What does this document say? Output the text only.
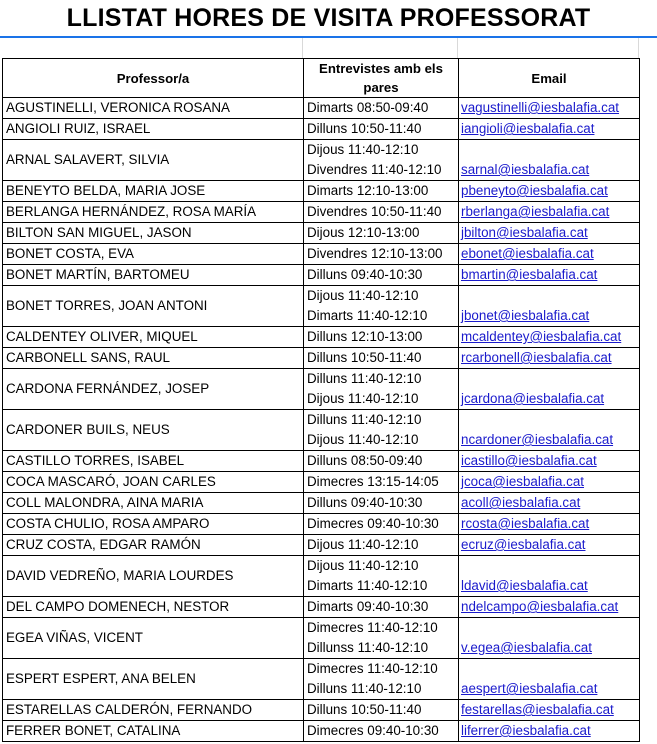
LLISTAT HORES DE VISITA PROFESSORAT
Professor/a	Entrevistes amb els pares	Email
AGUSTINELLI, VERONICA ROSANA	Dimarts 08:50-09:40	vagustinelli@iesbalafia.cat
ANGIOLI RUIZ, ISRAEL	Dilluns 10:50-11:40	iangioli@iesbalafia.cat
ARNAL SALAVERT, SILVIA	Dijous 11:40-12:10
Divendres 11:40-12:10	sarnal@iesbalafia.cat
BENEYTO BELDA, MARIA JOSE	Dimarts 12:10-13:00	pbeneyto@iesbalafia.cat
BERLANGA HERNÁNDEZ, ROSA MARÍA	Divendres 10:50-11:40	rberlanga@iesbalafia.cat
BILTON SAN MIGUEL, JASON	Dijous 12:10-13:00	jbilton@iesbalafia.cat
BONET COSTA, EVA	Divendres 12:10-13:00	ebonet@iesbalafia.cat
BONET MARTÍN, BARTOMEU	Dilluns 09:40-10:30	bmartin@iesbalafia.cat
BONET TORRES, JOAN ANTONI	Dijous 11:40-12:10
Dimarts 11:40-12:10	jbonet@iesbalafia.cat
CALDENTEY OLIVER, MIQUEL	Dilluns 12:10-13:00	mcaldentey@iesbalafia.cat
CARBONELL SANS, RAUL	Dilluns 10:50-11:40	rcarbonell@iesbalafia.cat
CARDONA FERNÁNDEZ, JOSEP	Dilluns 11:40-12:10
Dijous 11:40-12:10	jcardona@iesbalafia.cat
CARDONER BUILS, NEUS	Dilluns 11:40-12:10
Dijous 11:40-12:10	ncardoner@iesbalafia.cat
CASTILLO TORRES, ISABEL	Dilluns 08:50-09:40	icastillo@iesbalafia.cat
COCA MASCARÓ, JOAN CARLES	Dimecres 13:15-14:05	jcoca@iesbalafia.cat
COLL MALONDRA, AINA MARIA	Dilluns 09:40-10:30	acoll@iesbalafia.cat
COSTA CHULIO, ROSA AMPARO	Dimecres 09:40-10:30	rcosta@iesbalafia.cat
CRUZ COSTA, EDGAR RAMÓN	Dijous 11:40-12:10	ecruz@iesbalafia.cat
DAVID VEDREÑO, MARIA LOURDES	Dijous 11:40-12:10
Dimarts 11:40-12:10	ldavid@iesbalafia.cat
DEL CAMPO DOMENECH, NESTOR	Dimarts 09:40-10:30	ndelcampo@iesbalafia.cat
EGEA VIÑAS, VICENT	Dimecres 11:40-12:10
Dillunss 11:40-12:10	v.egea@iesbalafia.cat
ESPERT ESPERT, ANA BELEN	Dimecres 11:40-12:10
Dilluns 11:40-12:10	aespert@iesbalafia.cat
ESTARELLAS CALDERÓN, FERNANDO	Dilluns 10:50-11:40	festarellas@iesbalafia.cat
FERRER BONET, CATALINA	Dimecres 09:40-10:30	liferrer@iesbalafia.cat
